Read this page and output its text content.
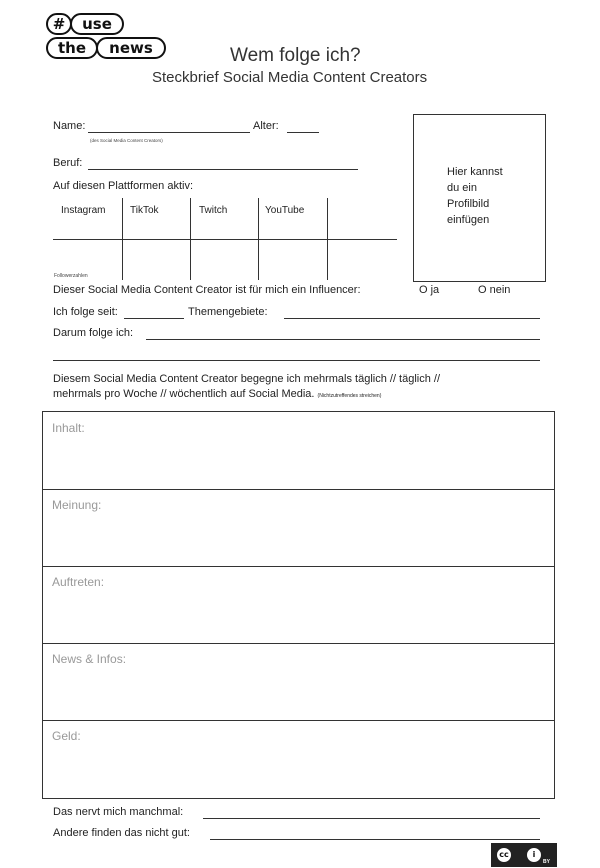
#	use
the	news	Wem folge ich?
Steckbrief Social Media Content Creators
Name:
(des Social Media Content Creators)
Alter:
Beruf:
Auf diesen Plattformen aktiv:
Instagram TikTok	Twitch	YouTube
Followerzahlen
Hier kannst
du ein
Profilbild
einfügen
Dieser Social Media Content Creator ist für mich ein Influencer:	O ja	O nein
Ich folge seit:	Themengebiete:
Darum folge ich:
Diesem Social Media Content Creator begegne ich mehrmals täglich // täglich //
mehrmals pro Woche // wöchentlich auf Social Media. (Nichtzutreffendes streichen)
Inhalt:
Meinung:
Auftreten:
News & Infos:
Geld:
Das nervt mich manchmal:
Andere finden das nicht gut:
cc	i
BY
